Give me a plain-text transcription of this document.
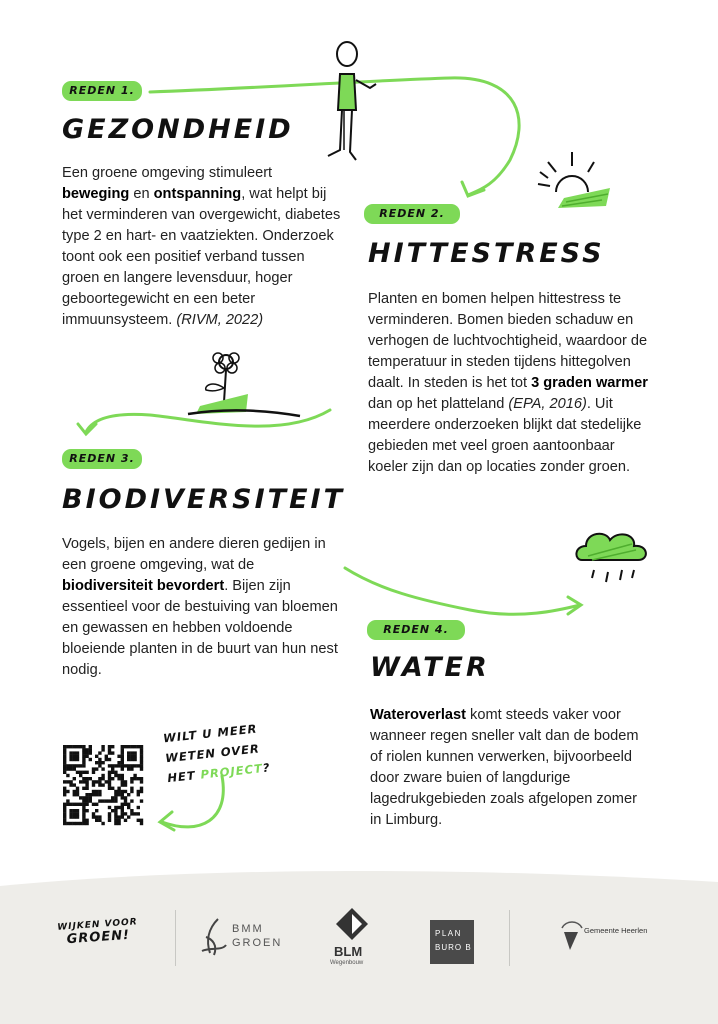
REDEN 1.
GEZONDHEID

Een groene omgeving stimuleert beweging en ontspanning, wat helpt bij het verminderen van overgewicht, diabetes type 2 en hart- en vaatziekten. Onderzoek toont ook een positief verband tussen groen en langere levensduur, hoger geboortegewicht en een beter immuunsysteem. (RIVM, 2022)

REDEN 2.
HITTESTRESS

Planten en bomen helpen hittestress te verminderen. Bomen bieden schaduw en verhogen de luchtvochtigheid, waardoor de temperatuur in steden tijdens hittegolven daalt. In steden is het tot 3 graden warmer dan op het platteland (EPA, 2016). Uit meerdere onderzoeken blijkt dat stedelijke gebieden met veel groen aantoonbaar koeler zijn dan op locaties zonder groen.

REDEN 3.
BIODIVERSITEIT

Vogels, bijen en andere dieren gedijen in een groene omgeving, wat de biodiversiteit bevordert. Bijen zijn essentieel voor de bestuiving van bloemen en gewassen en hebben voldoende bloeiende planten in de buurt van hun nest nodig.

REDEN 4.
WATER

Wateroverlast komt steeds vaker voor wanneer regen sneller valt dan de bodem of riolen kunnen verwerken, bijvoorbeeld door zware buien of langdurige lagedrukgebieden zoals afgelopen zomer in Limburg.

WILT U MEER
WETEN OVER
HET PROJECT?
WIJKEN VOOR
GROEN!	BMM
GROEN
BLM
Wegenbouw
PLAN
BURO B
Gemeente Heerlen
